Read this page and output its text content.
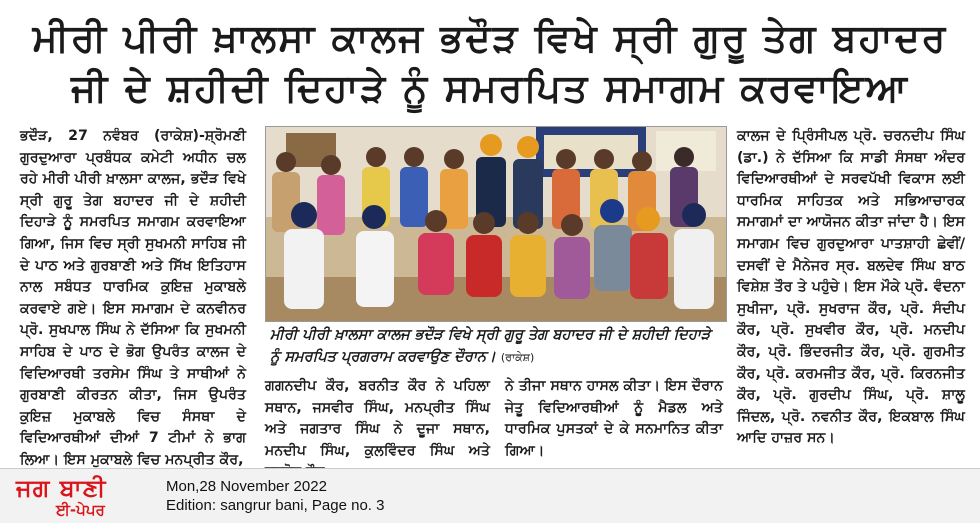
ਮੀਰੀ ਪੀਰੀ ਖ਼ਾਲਸਾ ਕਾਲਜ ਭਦੌੜ ਵਿਖੇ ਸ੍ਰੀ ਗੁਰੂ ਤੇਗ ਬਹਾਦਰ
ਜੀ ਦੇ ਸ਼ਹੀਦੀ ਦਿਹਾੜੇ ਨੂੰ ਸਮਰਪਿਤ ਸਮਾਗਮ ਕਰਵਾਇਆ
ਭਦੌੜ, 27 ਨਵੰਬਰ (ਰਾਕੇਸ਼)-ਸ਼੍ਰੋਮਣੀ ਗੁਰਦੁਆਰਾ ਪ੍ਰਬੰਧਕ ਕਮੇਟੀ ਅਧੀਨ ਚਲ ਰਹੇ ਮੀਰੀ ਪੀਰੀ ਖ਼ਾਲਸਾ ਕਾਲਜ, ਭਦੌੜ ਵਿਖੇ ਸ੍ਰੀ ਗੁਰੂ ਤੇਗ ਬਹਾਦਰ ਜੀ ਦੇ ਸ਼ਹੀਦੀ ਦਿਹਾੜੇ ਨੂੰ ਸਮਰਪਿਤ ਸਮਾਗਮ ਕਰਵਾਇਆ ਗਿਆ, ਜਿਸ ਵਿਚ ਸ੍ਰੀ ਸੁਖਮਨੀ ਸਾਹਿਬ ਜੀ ਦੇ ਪਾਠ ਅਤੇ ਗੁਰਬਾਣੀ ਅਤੇ ਸਿੱਖ ਇਤਿਹਾਸ ਨਾਲ ਸਬੰਧਤ ਧਾਰਮਿਕ ਕੁਇਜ਼ ਮੁਕਾਬਲੇ ਕਰਵਾਏ ਗਏ। ਇਸ ਸਮਾਗਮ ਦੇ ਕਨਵੀਨਰ ਪ੍ਰੋ. ਸੁਖਪਾਲ ਸਿੰਘ ਨੇ ਦੱਸਿਆ ਕਿ ਸੁਖਮਨੀ ਸਾਹਿਬ ਦੇ ਪਾਠ ਦੇ ਭੋਗ ਉਪਰੰਤ ਕਾਲਜ ਦੇ ਵਿਦਿਆਰਥੀ ਤਰਸੇਮ ਸਿੰਘ ਤੇ ਸਾਥੀਆਂ ਨੇ ਗੁਰਬਾਣੀ ਕੀਰਤਨ ਕੀਤਾ, ਜਿਸ ਉਪਰੰਤ ਕੁਇਜ਼ ਮੁਕਾਬਲੇ ਵਿਚ ਸੰਸਥਾ ਦੇ ਵਿਦਿਆਰਥੀਆਂ ਦੀਆਂ 7 ਟੀਮਾਂ ਨੇ ਭਾਗ ਲਿਆ। ਇਸ ਮੁਕਾਬਲੇ ਵਿਚ ਮਨਪ੍ਰੀਤ ਕੌਰ,
ਮੀਰੀ ਪੀਰੀ ਖ਼ਾਲਸਾ ਕਾਲਜ ਭਦੌੜ ਵਿਖੇ ਸ੍ਰੀ ਗੁਰੂ ਤੇਗ ਬਹਾਦਰ ਜੀ ਦੇ ਸ਼ਹੀਦੀ ਦਿਹਾੜੇ ਨੂੰ ਸਮਰਪਿਤ ਪ੍ਰਗਰਾਮ ਕਰਵਾਉਣ ਦੌਰਾਨ। (ਰਾਕੇਸ਼)
ਗਗਨਦੀਪ ਕੌਰ, ਬਰਨੀਤ ਕੌਰ ਨੇ ਪਹਿਲਾ ਸਥਾਨ, ਜਸਵੀਰ ਸਿੰਘ, ਮਨਪ੍ਰੀਤ ਸਿੰਘ ਅਤੇ ਜਗਤਾਰ ਸਿੰਘ ਨੇ ਦੂਜਾ ਸਥਾਨ, ਮਨਦੀਪ ਸਿੰਘ, ਕੁਲਵਿੰਦਰ ਸਿੰਘ ਅਤੇ
ਨੇ ਤੀਜਾ ਸਥਾਨ ਹਾਸਲ ਕੀਤਾ। ਇਸ ਦੌਰਾਨ ਜੇਤੂ ਵਿਦਿਆਰਥੀਆਂ ਨੂੰ ਮੈਡਲ ਅਤੇ ਧਾਰਮਿਕ ਪੁਸਤਕਾਂ ਦੇ ਕੇ ਸਨਮਾਨਿਤ ਕੀਤਾ ਗਿਆ।
ਕਾਲਜ ਦੇ ਪ੍ਰਿੰਸੀਪਲ ਪ੍ਰੋ. ਚਰਨਦੀਪ ਸਿੰਘ (ਡਾ.) ਨੇ ਦੱਸਿਆ ਕਿ ਸਾਡੀ ਸੰਸਥਾ ਅੰਦਰ ਵਿਦਿਆਰਥੀਆਂ ਦੇ ਸਰਵਪੱਖੀ ਵਿਕਾਸ ਲਈ ਧਾਰਮਿਕ ਸਾਹਿਤਕ ਅਤੇ ਸਭਿਆਚਾਰਕ ਸਮਾਗਮਾਂ ਦਾ ਆਯੋਜਨ ਕੀਤਾ ਜਾਂਦਾ ਹੈ। ਇਸ ਸਮਾਗਮ ਵਿਚ ਗੁਰਦੁਆਰਾ ਪਾਤਸ਼ਾਹੀ ਛੇਵੀਂ/ਦਸਵੀਂ ਦੇ ਮੈਨੇਜਰ ਸ੍ਰ. ਬਲਦੇਵ ਸਿੰਘ ਬਾਠ ਵਿਸ਼ੇਸ਼ ਤੌਰ ਤੇ ਪਹੁੰਚੇ। ਇਸ ਮੌਕੇ ਪ੍ਰੋ. ਵੰਦਨਾ ਸੁਖੀਜਾ, ਪ੍ਰੋ. ਸੁਖਰਾਜ ਕੌਰ, ਪ੍ਰੋ. ਸੰਦੀਪ ਕੌਰ, ਪ੍ਰੋ. ਸੁਖਵੀਰ ਕੌਰ, ਪ੍ਰੋ. ਮਨਦੀਪ ਕੌਰ, ਪ੍ਰੋ. ਭਿੰਦਰਜੀਤ ਕੌਰ, ਪ੍ਰੋ. ਗੁਰਮੀਤ ਕੌਰ, ਪ੍ਰੋ. ਕਰਮਜੀਤ ਕੌਰ, ਪ੍ਰੋ. ਕਿਰਨਜੀਤ ਕੌਰ, ਪ੍ਰੋ. ਗੁਰਦੀਪ ਸਿੰਘ, ਪ੍ਰੋ. ਸ਼ਾਲੂ ਜਿੰਦਲ, ਪ੍ਰੋ. ਨਵਨੀਤ ਕੌਰ, ਇਕਬਾਲ ਸਿੰਘ ਆਦਿ ਹਾਜ਼ਰ ਸਨ।
ਜਗ ਬਾਣੀ
ਈ-ਪੇਪਰ
Mon,28 November 2022
Edition: sangrur bani, Page no. 3
